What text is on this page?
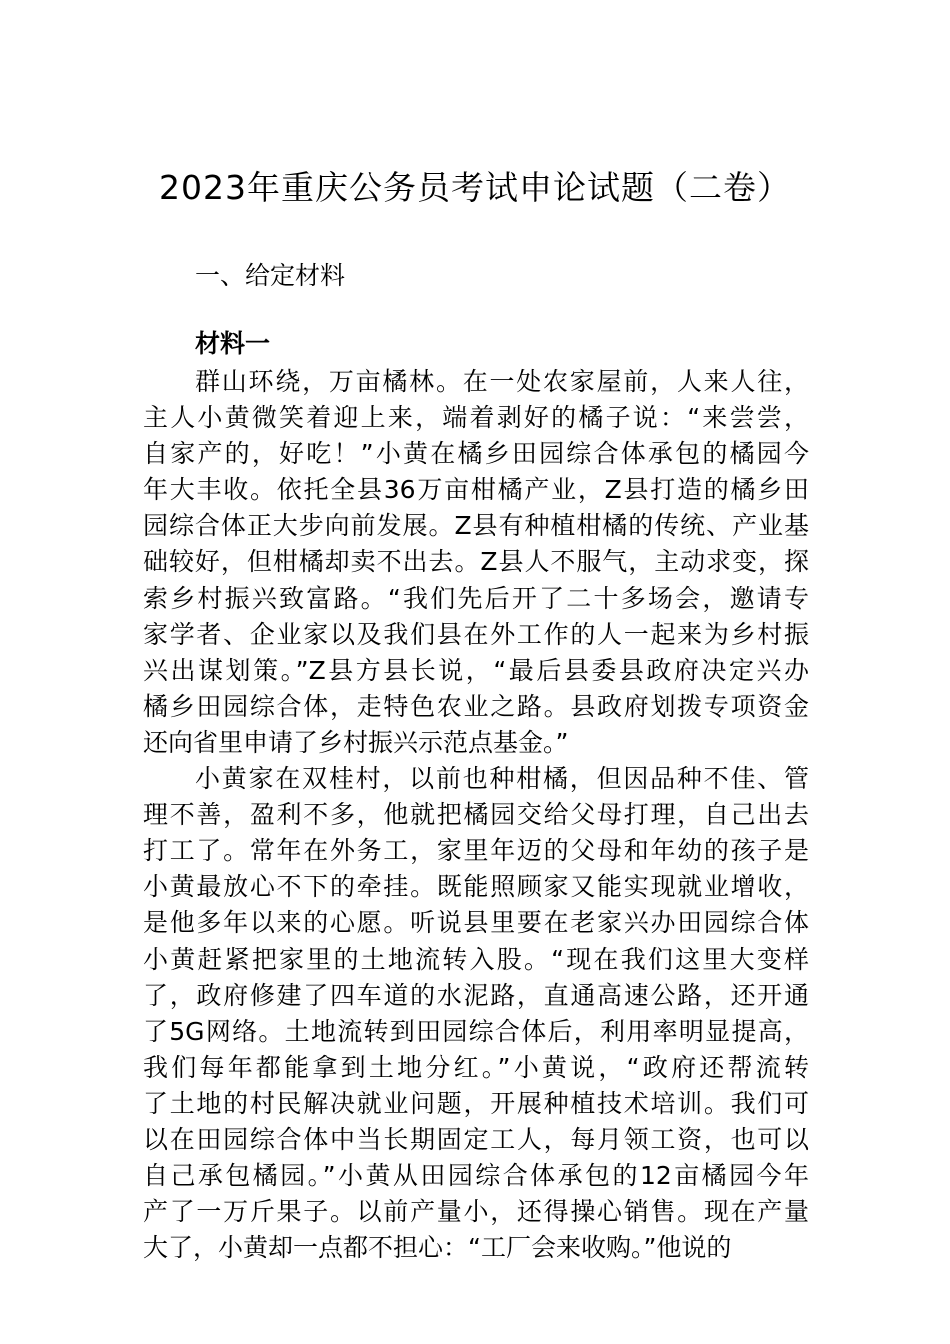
2023年重庆公务员考试申论试题（二卷）
一、给定材料
材料一
群山环绕，万亩橘林。在一处农家屋前，人来人往，
主人小黄微笑着迎上来，端着剥好的橘子说：“来尝尝，
自家产的，好吃！”小黄在橘乡田园综合体承包的橘园今
年大丰收。依托全县36万亩柑橘产业，Z县打造的橘乡田
园综合体正大步向前发展。Z县有种植柑橘的传统、产业基
础较好，但柑橘却卖不出去。Z县人不服气，主动求变，探
索乡村振兴致富路。“我们先后开了二十多场会，邀请专
家学者、企业家以及我们县在外工作的人一起来为乡村振
兴出谋划策。”Z县方县长说，“最后县委县政府决定兴办
橘乡田园综合体，走特色农业之路。县政府划拨专项资金
还向省里申请了乡村振兴示范点基金。”
小黄家在双桂村，以前也种柑橘，但因品种不佳、管
理不善，盈利不多，他就把橘园交给父母打理，自己出去
打工了。常年在外务工，家里年迈的父母和年幼的孩子是
小黄最放心不下的牵挂。既能照顾家又能实现就业增收，
是他多年以来的心愿。听说县里要在老家兴办田园综合体
小黄赶紧把家里的土地流转入股。“现在我们这里大变样
了，政府修建了四车道的水泥路，直通高速公路，还开通
了5G网络。土地流转到田园综合体后，利用率明显提高，
我们每年都能拿到土地分红。”小黄说，“政府还帮流转
了土地的村民解决就业问题，开展种植技术培训。我们可
以在田园综合体中当长期固定工人，每月领工资，也可以
自己承包橘园。”小黄从田园综合体承包的12亩橘园今年
产了一万斤果子。以前产量小，还得操心销售。现在产量
大了，小黄却一点都不担心：“工厂会来收购。”他说的
